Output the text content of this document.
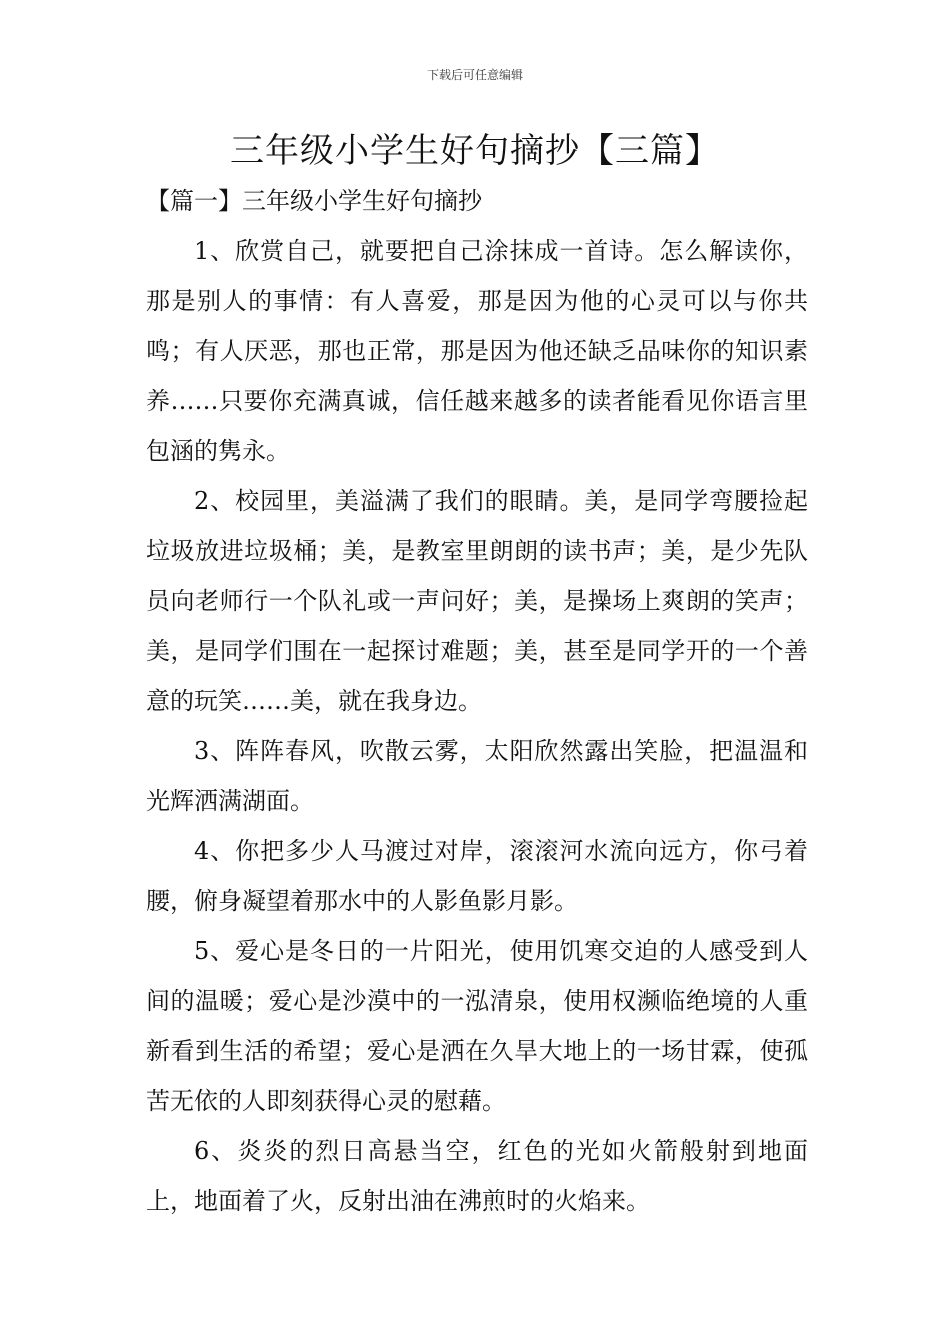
下载后可任意编辑
三年级小学生好句摘抄【三篇】

【篇一】三年级小学生好句摘抄

1、欣赏自己，就要把自己涂抹成一首诗。怎么解读你，那是别人的事情：有人喜爱，那是因为他的心灵可以与你共鸣；有人厌恶，那也正常，那是因为他还缺乏品味你的知识素养……只要你充满真诚，信任越来越多的读者能看见你语言里包涵的隽永。

2、校园里，美溢满了我们的眼睛。美，是同学弯腰捡起垃圾放进垃圾桶；美，是教室里朗朗的读书声；美，是少先队员向老师行一个队礼或一声问好；美，是操场上爽朗的笑声；美，是同学们围在一起探讨难题；美，甚至是同学开的一个善意的玩笑……美，就在我身边。

3、阵阵春风，吹散云雾，太阳欣然露出笑脸，把温温和光辉洒满湖面。

4、你把多少人马渡过对岸，滚滚河水流向远方，你弓着腰，俯身凝望着那水中的人影鱼影月影。

5、爱心是冬日的一片阳光，使用饥寒交迫的人感受到人间的温暖；爱心是沙漠中的一泓清泉，使用权濒临绝境的人重新看到生活的希望；爱心是洒在久旱大地上的一场甘霖，使孤苦无依的人即刻获得心灵的慰藉。

6、炎炎的烈日高悬当空，红色的光如火箭般射到地面上，地面着了火，反射出油在沸煎时的火焰来。
